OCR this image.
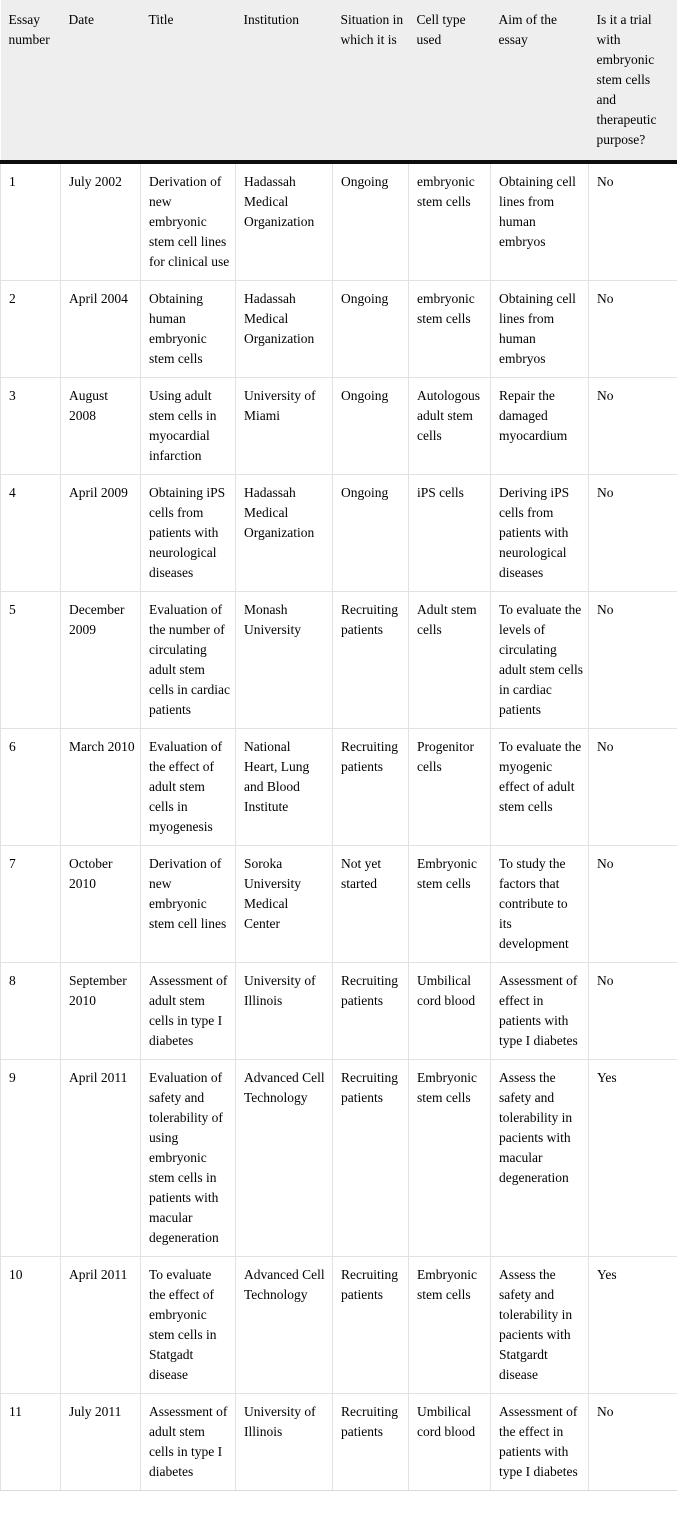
Essay number	Date	Title	Institution	Situation in which it is	Cell type used	Aim of the essay	Is it a trial with embryonic stem cells and therapeutic purpose?
1	July 2002	Derivation of new embryonic stem cell lines for clinical use	Hadassah Medical Organization	Ongoing	embryonic stem cells	Obtaining cell lines from human embryos	No
2	April 2004	Obtaining human embryonic stem cells	Hadassah Medical Organization	Ongoing	embryonic stem cells	Obtaining cell lines from human embryos	No
3	August 2008	Using adult stem cells in myocardial infarction	University of Miami	Ongoing	Autologous adult stem cells	Repair the damaged myocardium	No
4	April 2009	Obtaining iPS cells from patients with neurological diseases	Hadassah Medical Organization	Ongoing	iPS cells	Deriving iPS cells from patients with neurological diseases	No
5	December 2009	Evaluation of the number of circulating adult stem cells in cardiac patients	Monash University	Recruiting patients	Adult stem cells	To evaluate the levels of circulating adult stem cells in cardiac patients	No
6	March 2010	Evaluation of the effect of adult stem cells in myogenesis	National Heart, Lung and Blood Institute	Recruiting patients	Progenitor cells	To evaluate the myogenic effect of adult stem cells	No
7	October 2010	Derivation of new embryonic stem cell lines	Soroka University Medical Center	Not yet started	Embryonic stem cells	To study the factors that contribute to its development	No
8	September 2010	Assessment of adult stem cells in type I diabetes	University of Illinois	Recruiting patients	Umbilical cord blood	Assessment of effect in patients with type I diabetes	No
9	April 2011	Evaluation of safety and tolerability of using embryonic stem cells in patients with macular degeneration	Advanced Cell Technology	Recruiting patients	Embryonic stem cells	Assess the safety and tolerability in pacients with macular degeneration	Yes
10	April 2011	To evaluate the effect of embryonic stem cells in Statgadt disease	Advanced Cell Technology	Recruiting patients	Embryonic stem cells	Assess the safety and tolerability in pacients with Statgardt disease	Yes
11	July 2011	Assessment of adult stem cells in type I diabetes	University of Illinois	Recruiting patients	Umbilical cord blood	Assessment of the effect in patients with type I diabetes	No
